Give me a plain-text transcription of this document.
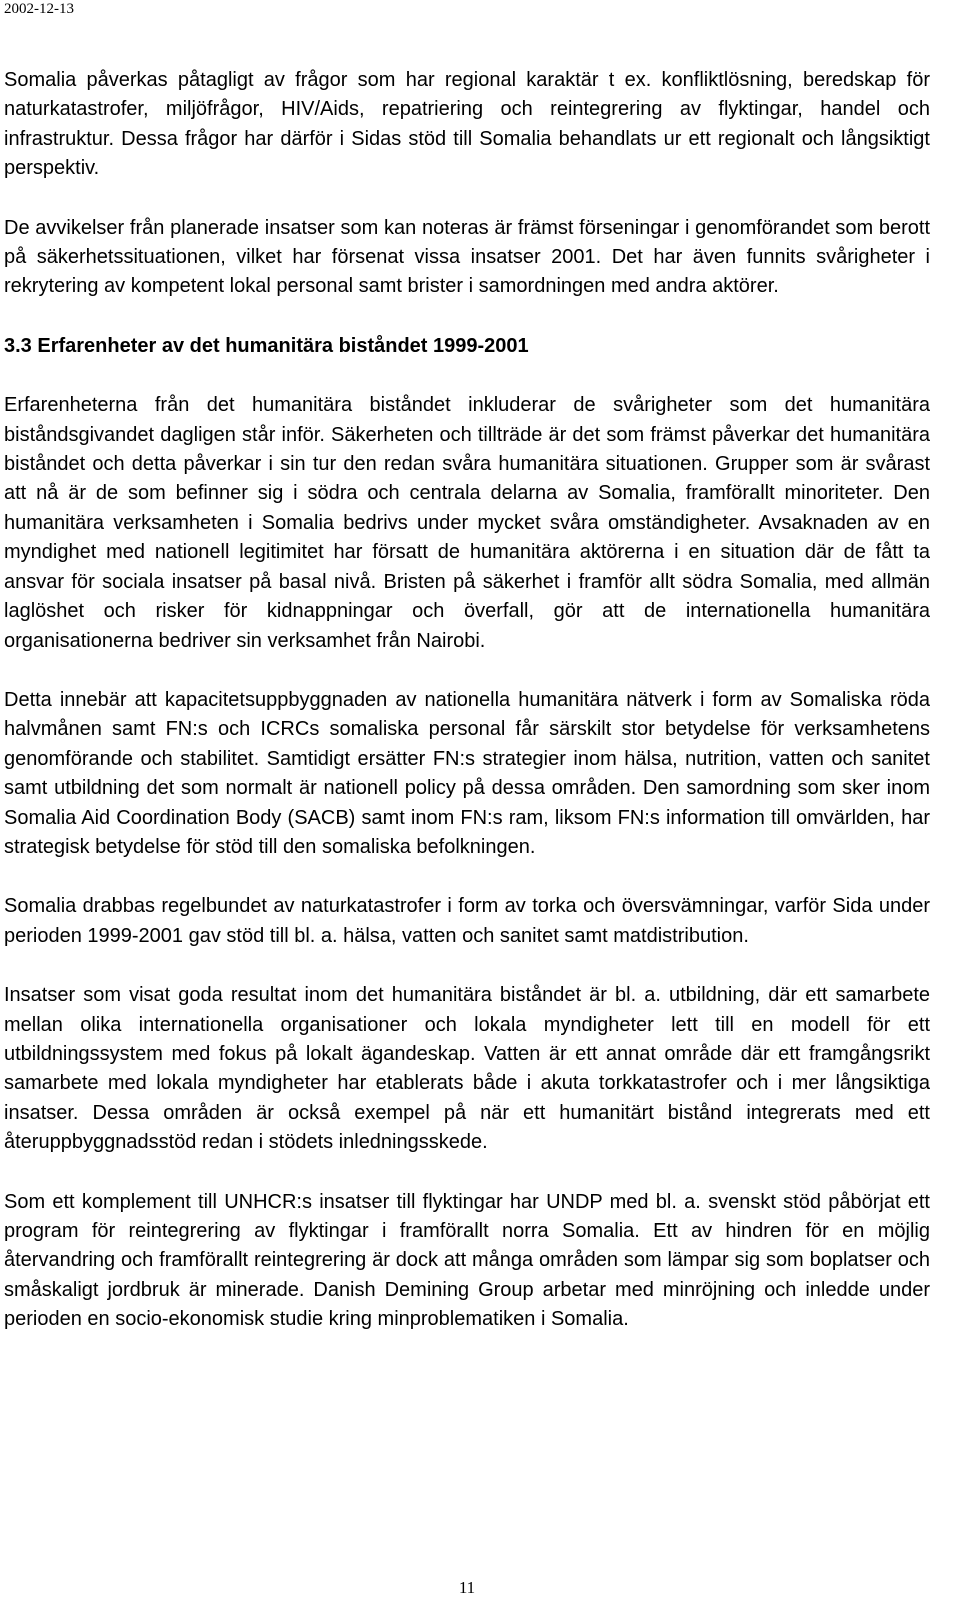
2002-12-13

Somalia påverkas påtagligt av frågor som har regional karaktär t ex. konfliktlösning, beredskap för naturkatastrofer, miljöfrågor, HIV/Aids, repatriering och reintegrering av flyktingar, handel och infrastruktur. Dessa frågor har därför i Sidas stöd till Somalia behandlats ur ett regionalt och långsiktigt perspektiv.

De avvikelser från planerade insatser som kan noteras är främst förseningar i genomförandet som berott på säkerhetssituationen, vilket har försenat vissa insatser 2001. Det har även funnits svårigheter i rekrytering av kompetent lokal personal samt brister i samordningen med andra aktörer.

3.3 Erfarenheter av det humanitära biståndet 1999-2001

Erfarenheterna från det humanitära biståndet inkluderar de svårigheter som det humanitära biståndsgivandet dagligen står inför. Säkerheten och tillträde är det som främst påverkar det humanitära biståndet och detta påverkar i sin tur den redan svåra humanitära situationen. Grupper som är svårast att nå är de som befinner sig i södra och centrala delarna av Somalia, framförallt minoriteter. Den humanitära verksamheten i Somalia bedrivs under mycket svåra omständigheter. Avsaknaden av en myndighet med nationell legitimitet har försatt de humanitära aktörerna i en situation där de fått ta ansvar för sociala insatser på basal nivå. Bristen på säkerhet i framför allt södra Somalia, med allmän laglöshet och risker för kidnappningar och överfall, gör att de internationella humanitära organisationerna bedriver sin verksamhet från Nairobi.

Detta innebär att kapacitetsuppbyggnaden av nationella humanitära nätverk i form av Somaliska röda halvmånen samt FN:s och ICRCs somaliska personal får särskilt stor betydelse för verksamhetens genomförande och stabilitet. Samtidigt ersätter FN:s strategier inom hälsa, nutrition, vatten och sanitet samt utbildning det som normalt är nationell policy på dessa områden. Den samordning som sker inom Somalia Aid Coordination Body (SACB) samt inom FN:s ram, liksom FN:s information till omvärlden, har strategisk betydelse för stöd till den somaliska befolkningen.

Somalia drabbas regelbundet av naturkatastrofer i form av torka och översvämningar, varför Sida under perioden 1999-2001 gav stöd till bl. a. hälsa, vatten och sanitet samt matdistribution.

Insatser som visat goda resultat inom det humanitära biståndet är bl. a. utbildning, där ett samarbete mellan olika internationella organisationer och lokala myndigheter lett till en modell för ett utbildningssystem med fokus på lokalt ägandeskap. Vatten är ett annat område där ett framgångsrikt samarbete med lokala myndigheter har etablerats både i akuta torkkatastrofer och i mer långsiktiga insatser. Dessa områden är också exempel på när ett humanitärt bistånd integrerats med ett återuppbyggnadsstöd redan i stödets inledningsskede.

Som ett komplement till UNHCR:s insatser till flyktingar har UNDP med bl. a. svenskt stöd påbörjat ett program för reintegrering av flyktingar i framförallt norra Somalia. Ett av hindren för en möjlig återvandring och framförallt reintegrering är dock att många områden som lämpar sig som boplatser och småskaligt jordbruk är minerade. Danish Demining Group arbetar med minröjning och inledde under perioden en socio-ekonomisk studie kring minproblematiken i Somalia.

11
